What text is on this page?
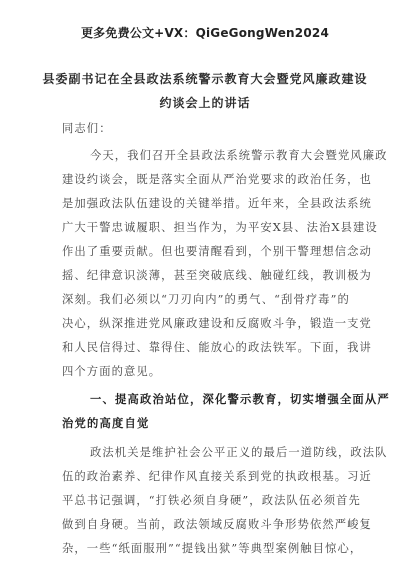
更多免费公文+VX：QiGeGongWen2024
县委副书记在全县政法系统警示教育大会暨党风廉政建设
约谈会上的讲话
同志们：
今天，我们召开全县政法系统警示教育大会暨党风廉政
建设约谈会，既是落实全面从严治党要求的政治任务，也
是加强政法队伍建设的关键举措。近年来，全县政法系统
广大干警忠诚履职、担当作为，为平安X县、法治X县建设
作出了重要贡献。但也要清醒看到，个别干警理想信念动
摇、纪律意识淡薄，甚至突破底线、触碰红线，教训极为
深刻。我们必须以“刀刃向内”的勇气、“刮骨疗毒”的
决心，纵深推进党风廉政建设和反腐败斗争，锻造一支党
和人民信得过、靠得住、能放心的政法铁军。下面，我讲
四个方面的意见。
一、提高政治站位，深化警示教育，切实增强全面从严
治党的高度自觉
政法机关是维护社会公平正义的最后一道防线，政法队
伍的政治素养、纪律作风直接关系到党的执政根基。习近
平总书记强调，“打铁必须自身硬”，政法队伍必须首先
做到自身硬。当前，政法领域反腐败斗争形势依然严峻复
杂，一些“纸面服刑”“提钱出狱”等典型案例触目惊心，
